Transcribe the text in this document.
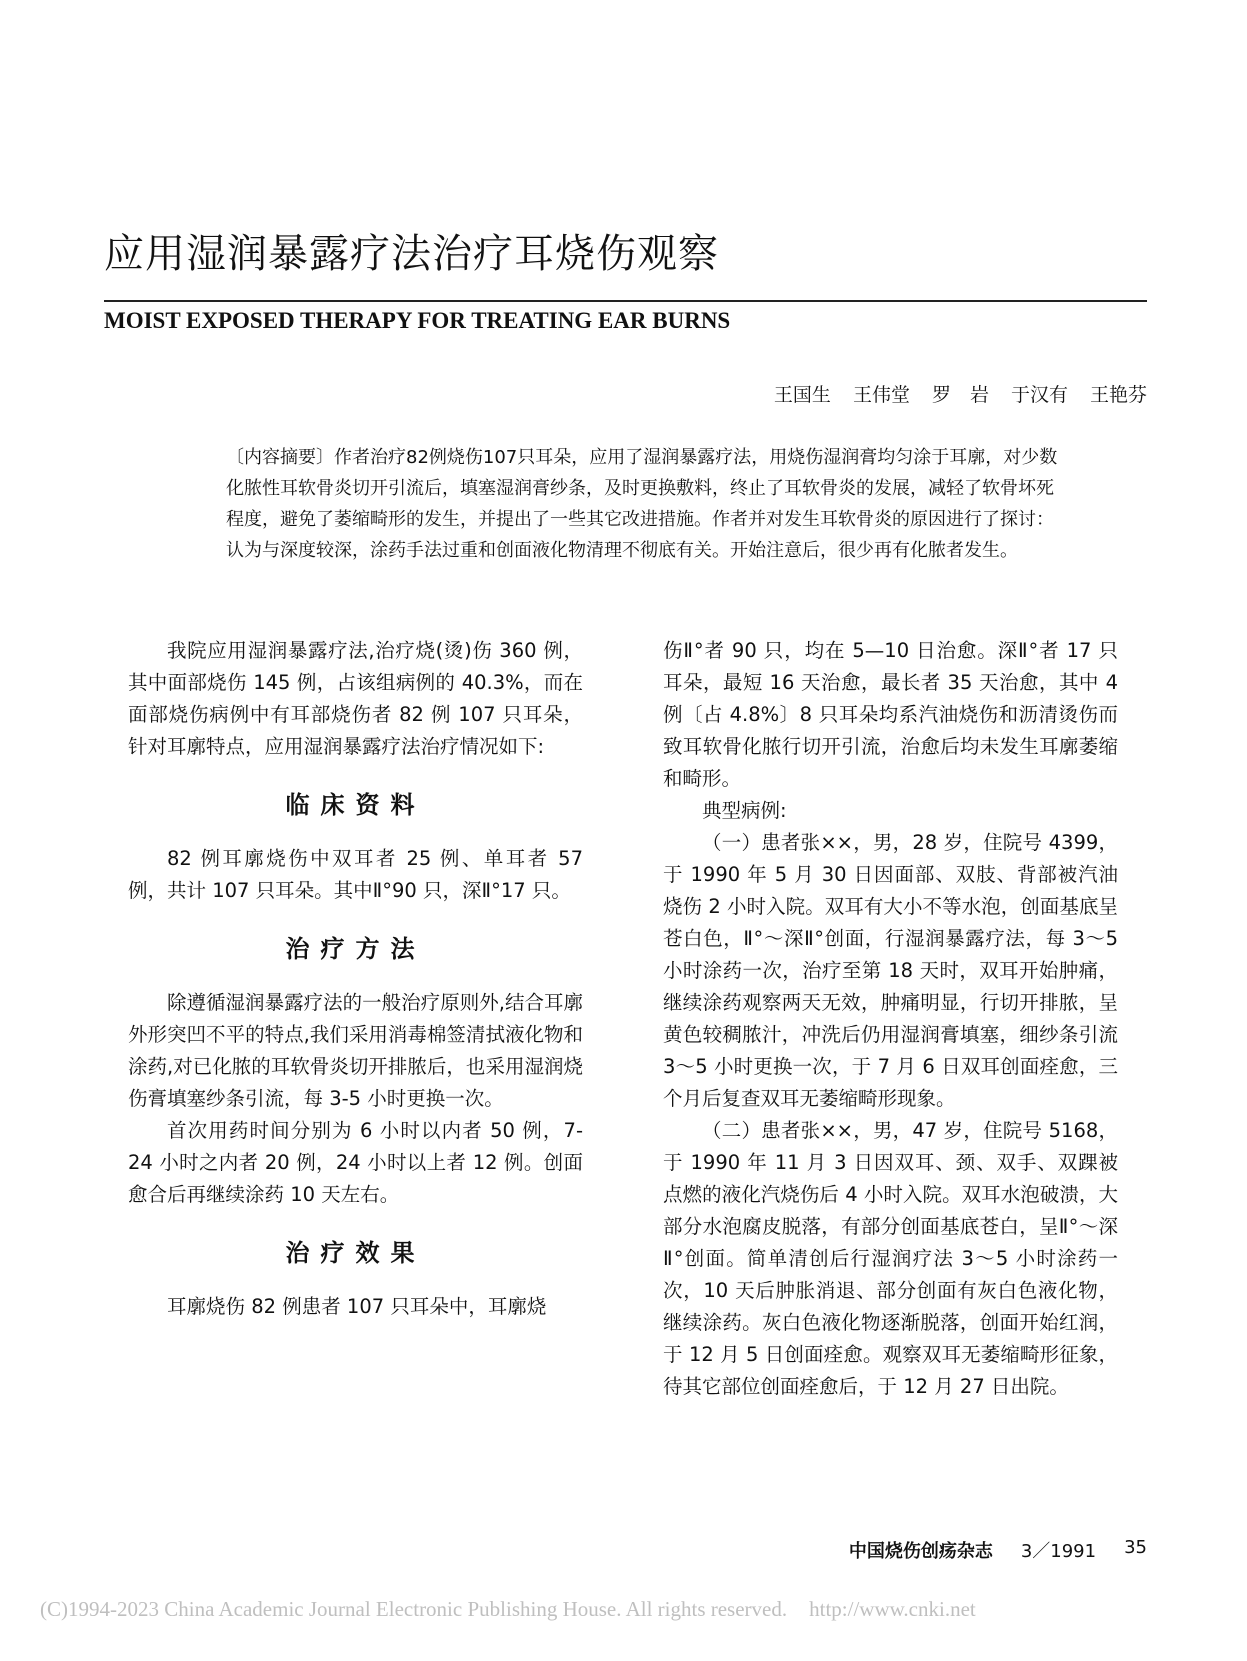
应用湿润暴露疗法治疗耳烧伤观察
MOIST EXPOSED THERAPY FOR TREATING EAR BURNS
王国生 王伟堂 罗　岩 于汉有 王艳芬
〔内容摘要〕作者治疗82例烧伤107只耳朵，应用了湿润暴露疗法，用烧伤湿润膏均匀涂于耳廓，对少数化脓性耳软骨炎切开引流后，填塞湿润膏纱条，及时更换敷料，终止了耳软骨炎的发展，减轻了软骨坏死程度，避免了萎缩畸形的发生，并提出了一些其它改进措施。作者并对发生耳软骨炎的原因进行了探讨：认为与深度较深，涂药手法过重和创面液化物清理不彻底有关。开始注意后，很少再有化脓者发生。

我院应用湿润暴露疗法,治疗烧(烫)伤 360 例，其中面部烧伤 145 例，占该组病例的 40.3%，而在面部烧伤病例中有耳部烧伤者 82 例 107 只耳朵，针对耳廓特点，应用湿润暴露疗法治疗情况如下:

临床资料

82 例耳廓烧伤中双耳者 25 例、单耳者 57 例，共计 107 只耳朵。其中Ⅱ°90 只，深Ⅱ°17 只。

治疗方法

除遵循湿润暴露疗法的一般治疗原则外,结合耳廓外形突凹不平的特点,我们采用消毒棉签清拭液化物和涂药,对已化脓的耳软骨炎切开排脓后，也采用湿润烧伤膏填塞纱条引流，每 3-5 小时更换一次。

首次用药时间分别为 6 小时以内者 50 例，7-24 小时之内者 20 例，24 小时以上者 12 例。创面愈合后再继续涂药 10 天左右。

治疗效果

耳廓烧伤 82 例患者 107 只耳朵中，耳廓烧

伤Ⅱ°者 90 只，均在 5—10 日治愈。深Ⅱ°者 17 只耳朵，最短 16 天治愈，最长者 35 天治愈，其中 4 例〔占 4.8%〕8 只耳朵均系汽油烧伤和沥清烫伤而致耳软骨化脓行切开引流，治愈后均未发生耳廓萎缩和畸形。

典型病例:

（一）患者张××，男，28 岁，住院号 4399，于 1990 年 5 月 30 日因面部、双肢、背部被汽油烧伤 2 小时入院。双耳有大小不等水泡，创面基底呈苍白色，Ⅱ°～深Ⅱ°创面，行湿润暴露疗法，每 3～5 小时涂药一次，治疗至第 18 天时，双耳开始肿痛，继续涂药观察两天无效，肿痛明显，行切开排脓，呈黄色较稠脓汁，冲洗后仍用湿润膏填塞，细纱条引流 3～5 小时更换一次，于 7 月 6 日双耳创面痊愈，三个月后复查双耳无萎缩畸形现象。

（二）患者张××，男，47 岁，住院号 5168，于 1990 年 11 月 3 日因双耳、颈、双手、双踝被点燃的液化汽烧伤后 4 小时入院。双耳水泡破溃，大部分水泡腐皮脱落，有部分创面基底苍白，呈Ⅱ°～深Ⅱ°创面。简单清创后行湿润疗法 3～5 小时涂药一次，10 天后肿胀消退、部分创面有灰白色液化物，继续涂药。灰白色液化物逐渐脱落，创面开始红润，于 12 月 5 日创面痊愈。观察双耳无萎缩畸形征象，待其它部位创面痊愈后，于 12 月 27 日出院。

中国烧伤创疡杂志 3／1991 35
(C)1994-2023 China Academic Journal Electronic Publishing House. All rights reserved. http://www.cnki.net
